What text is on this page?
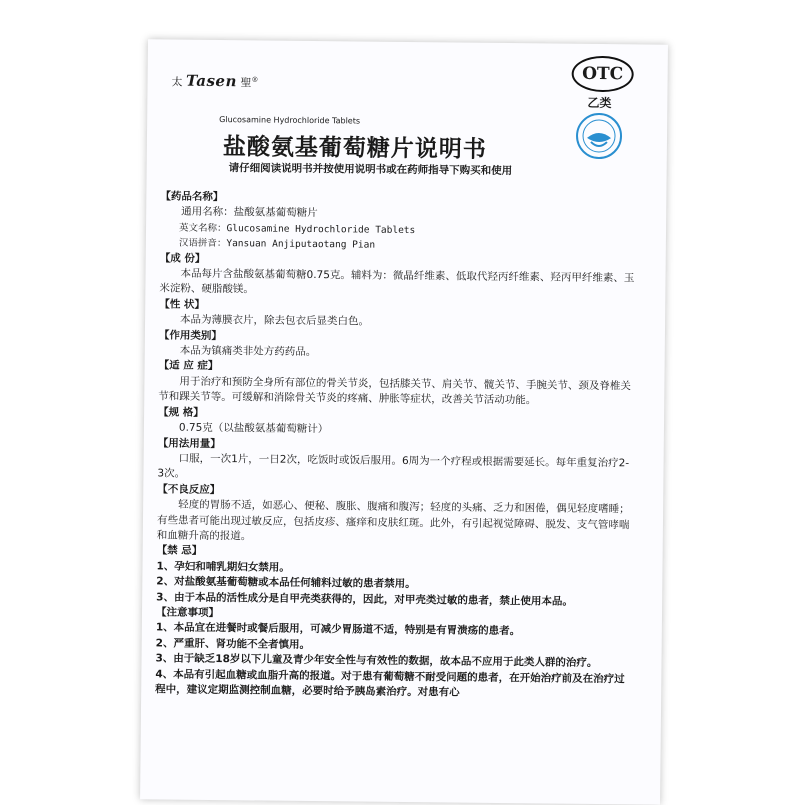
太 Tasen 聖®	OTC
乙类
Glucosamine Hydrochloride Tablets
盐酸氨基葡萄糖片说明书
请仔细阅读说明书并按使用说明书或在药师指导下购买和使用
【药品名称】
通用名称：盐酸氨基葡萄糖片
英文名称：Glucosamine Hydrochloride Tablets
汉语拼音：Yansuan Anjiputaotang Pian
【成 份】
本品每片含盐酸氨基葡萄糖0.75克。辅料为：微晶纤维素、低取代羟丙纤维素、羟丙甲纤维素、玉米淀粉、硬脂酸镁。
【性 状】
本品为薄膜衣片，除去包衣后显类白色。
【作用类别】
本品为镇痛类非处方药药品。
【适 应 症】
用于治疗和预防全身所有部位的骨关节炎，包括膝关节、肩关节、髋关节、手腕关节、颈及脊椎关节和踝关节等。可缓解和消除骨关节炎的疼痛、肿胀等症状，改善关节活动功能。
【规 格】
0.75克（以盐酸氨基葡萄糖计）
【用法用量】
口服，一次1片，一日2次，吃饭时或饭后服用。6周为一个疗程或根据需要延长。每年重复治疗2-3次。
【不良反应】
轻度的胃肠不适，如恶心、便秘、腹胀、腹痛和腹泻；轻度的头痛、乏力和困倦，偶见轻度嗜睡；有些患者可能出现过敏反应，包括皮疹、瘙痒和皮肤红斑。此外，有引起视觉障碍、脱发、支气管哮喘和血糖升高的报道。
【禁 忌】
1、孕妇和哺乳期妇女禁用。
2、对盐酸氨基葡萄糖或本品任何辅料过敏的患者禁用。
3、由于本品的活性成分是自甲壳类获得的，因此，对甲壳类过敏的患者，禁止使用本品。
【注意事项】
1、本品宜在进餐时或餐后服用，可减少胃肠道不适，特别是有胃溃疡的患者。
2、严重肝、肾功能不全者慎用。
3、由于缺乏18岁以下儿童及青少年安全性与有效性的数据，故本品不应用于此类人群的治疗。
4、本品有引起血糖或血脂升高的报道。对于患有葡萄糖不耐受问题的患者，在开始治疗前及在治疗过程中，建议定期监测控制血糖，必要时给予胰岛素治疗。对患有心
